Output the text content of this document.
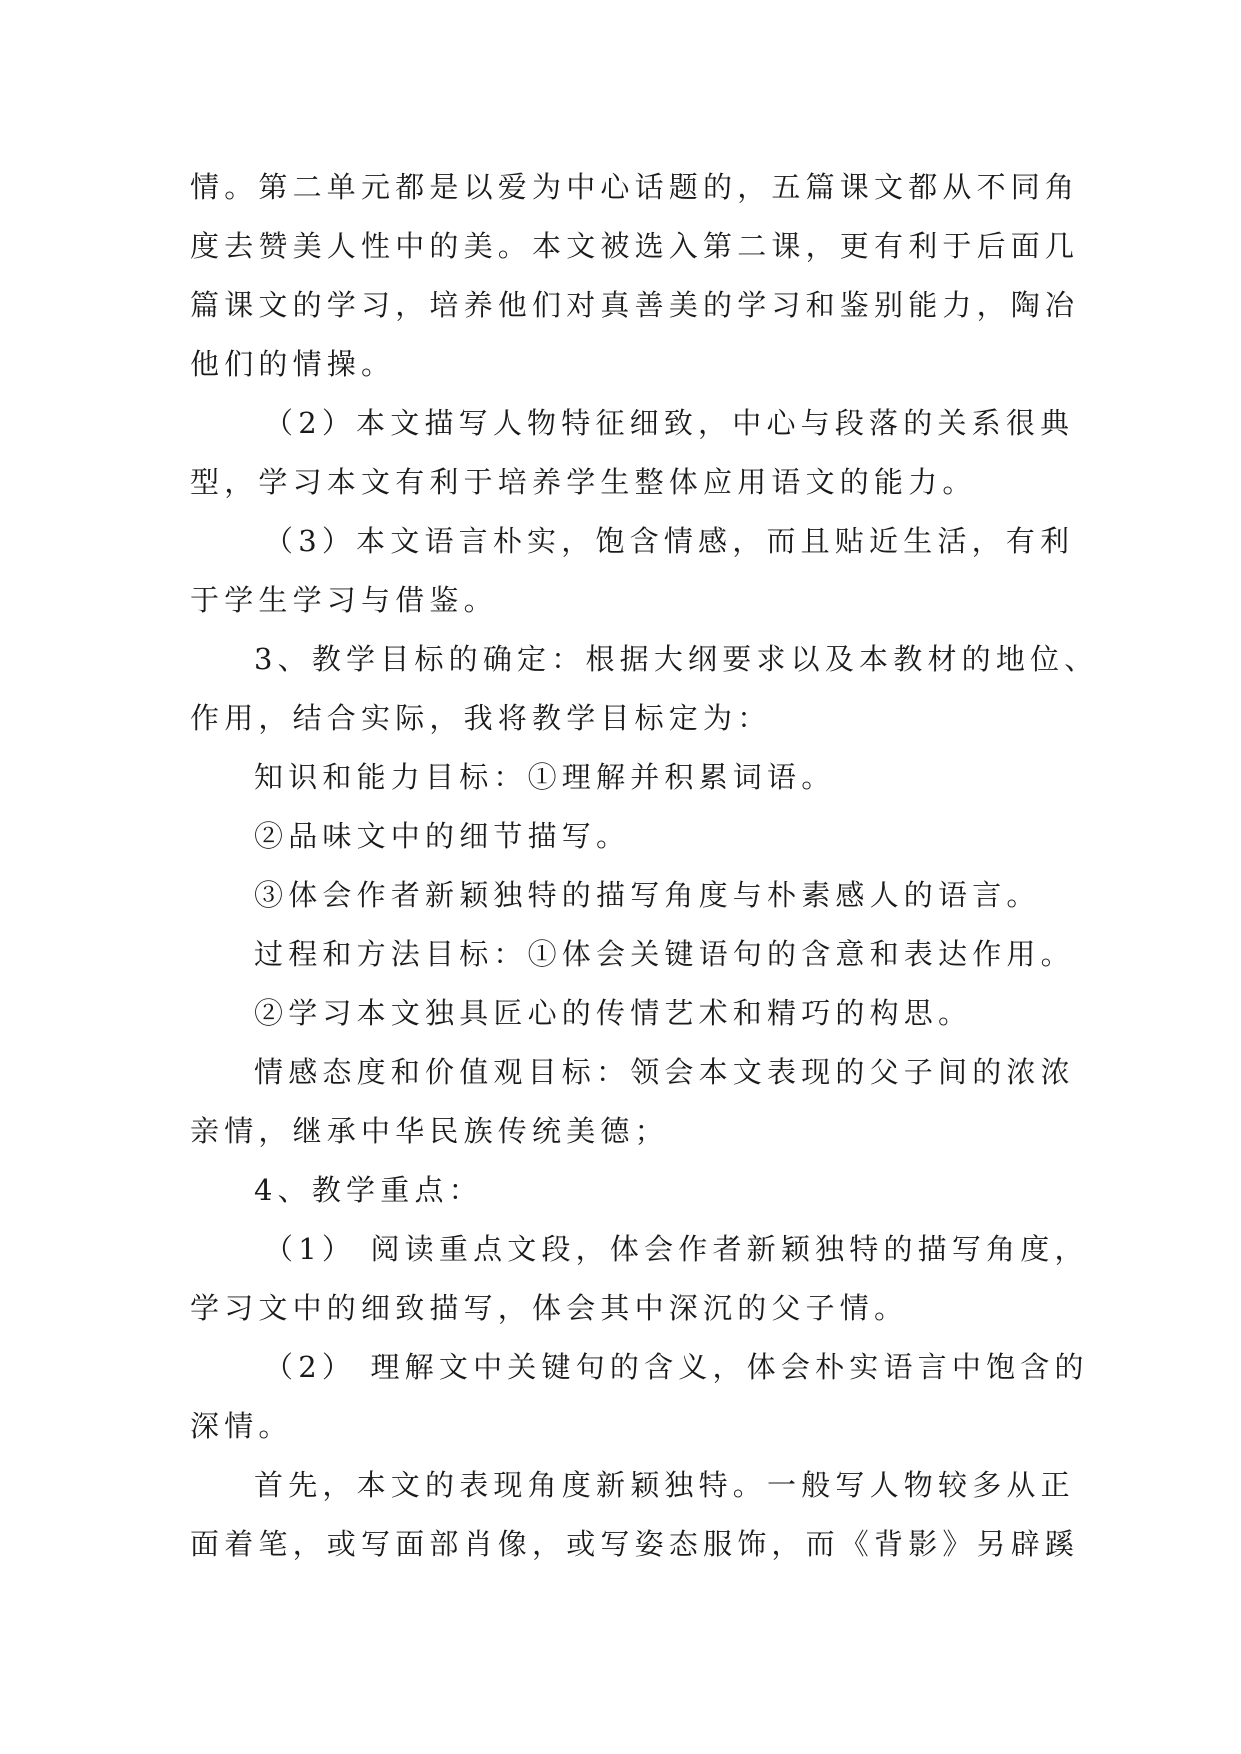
情。第二单元都是以爱为中心话题的，五篇课文都从不同角
度去赞美人性中的美。本文被选入第二课，更有利于后面几
篇课文的学习，培养他们对真善美的学习和鉴别能力，陶冶
他们的情操。
（2）本文描写人物特征细致，中心与段落的关系很典
型，学习本文有利于培养学生整体应用语文的能力。
（3）本文语言朴实，饱含情感，而且贴近生活，有利
于学生学习与借鉴。
3、教学目标的确定：根据大纲要求以及本教材的地位、
作用，结合实际，我将教学目标定为：
知识和能力目标：①理解并积累词语。
②品味文中的细节描写。
③体会作者新颖独特的描写角度与朴素感人的语言。
过程和方法目标：①体会关键语句的含意和表达作用。
②学习本文独具匠心的传情艺术和精巧的构思。
情感态度和价值观目标：领会本文表现的父子间的浓浓
亲情，继承中华民族传统美德；
4、教学重点：
（1） 阅读重点文段，体会作者新颖独特的描写角度，
学习文中的细致描写，体会其中深沉的父子情。
（2） 理解文中关键句的含义，体会朴实语言中饱含的
深情。
首先，本文的表现角度新颖独特。一般写人物较多从正
面着笔，或写面部肖像，或写姿态服饰，而《背影》另辟蹊
